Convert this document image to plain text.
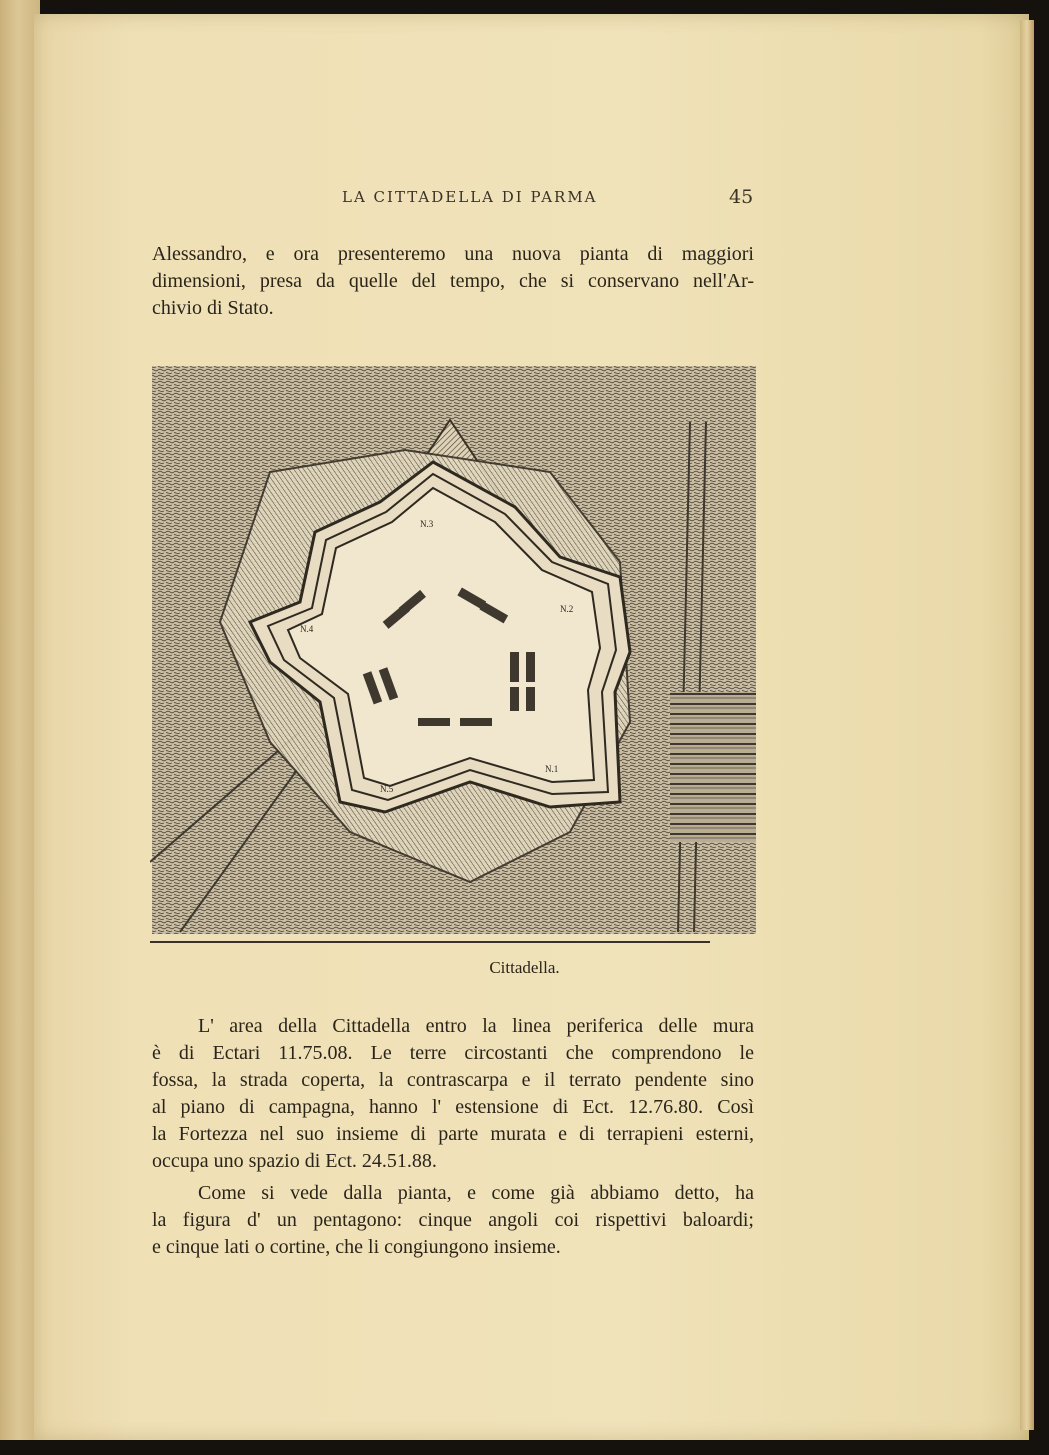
LA CITTADELLA DI PARMA	45
Alessandro, e ora presenteremo una nuova pianta di maggiori
dimensioni, presa da quelle del tempo, che si conservano nell'Ar-
chivio di Stato.
N.3
N.2
N.4
N.1
N.5
Cittadella.
L' area della Cittadella entro la linea periferica delle mura
è di Ectari 11.75.08. Le terre circostanti che comprendono le
fossa, la strada coperta, la contrascarpa e il terrato pendente sino
al piano di campagna, hanno l' estensione di Ect. 12.76.80. Così
la Fortezza nel suo insieme di parte murata e di terrapieni esterni,
occupa uno spazio di Ect. 24.51.88.
Come si vede dalla pianta, e come già abbiamo detto, ha
la figura d' un pentagono: cinque angoli coi rispettivi baloardi;
e cinque lati o cortine, che li congiungono insieme.
